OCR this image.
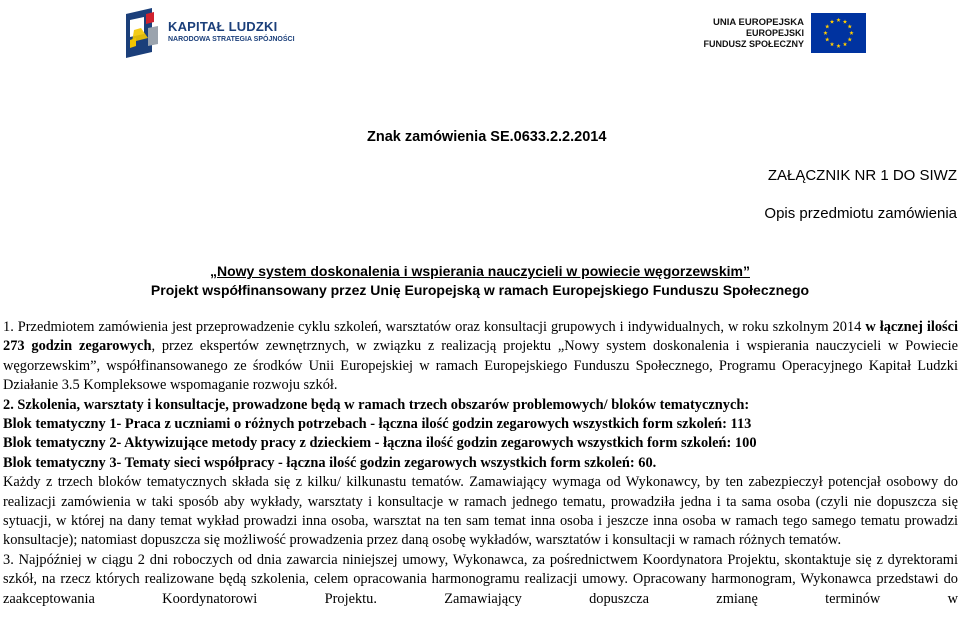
KAPITAŁ LUDZKI
NARODOWA STRATEGIA SPÓJNOŚCI
UNIA EUROPEJSKA
EUROPEJSKI
FUNDUSZ SPOŁECZNY
Znak zamówienia SE.0633.2.2.2014
ZAŁĄCZNIK NR 1 DO SIWZ
Opis przedmiotu zamówienia
„Nowy system doskonalenia i wspierania nauczycieli w powiecie węgorzewskim”
Projekt współfinansowany przez Unię Europejską w ramach Europejskiego Funduszu Społecznego

1. Przedmiotem zamówienia jest przeprowadzenie cyklu szkoleń, warsztatów oraz konsultacji grupowych i indywidualnych, w roku szkolnym 2014 w łącznej ilości 273 godzin zegarowych, przez ekspertów zewnętrznych, w związku z realizacją projektu „Nowy system doskonalenia i wspierania nauczycieli w Powiecie węgorzewskim”, współfinansowanego ze środków Unii Europejskiej w ramach Europejskiego Funduszu Społecznego, Programu Operacyjnego Kapitał Ludzki Działanie 3.5 Kompleksowe wspomaganie rozwoju szkół.

2. Szkolenia, warsztaty i konsultacje, prowadzone będą w ramach trzech obszarów problemowych/ bloków tematycznych:

Blok tematyczny 1- Praca z uczniami o różnych potrzebach - łączna ilość godzin zegarowych wszystkich form szkoleń: 113

Blok tematyczny 2- Aktywizujące metody pracy z dzieckiem - łączna ilość godzin zegarowych wszystkich form szkoleń: 100

Blok tematyczny 3- Tematy sieci współpracy - łączna ilość godzin zegarowych wszystkich form szkoleń: 60.

Każdy z trzech bloków tematycznych składa się z kilku/ kilkunastu tematów. Zamawiający wymaga od Wykonawcy, by ten zabezpieczył potencjał osobowy do realizacji zamówienia w taki sposób aby wykłady, warsztaty i konsultacje w ramach jednego tematu, prowadziła jedna i ta sama osoba (czyli nie dopuszcza się sytuacji, w której na dany temat wykład prowadzi inna osoba, warsztat na ten sam temat inna osoba i jeszcze inna osoba w ramach tego samego tematu prowadzi konsultacje); natomiast dopuszcza się możliwość prowadzenia przez daną osobę wykładów, warsztatów i konsultacji w ramach różnych tematów.

3. Najpóźniej w ciągu 2 dni roboczych od dnia zawarcia niniejszej umowy, Wykonawca, za pośrednictwem Koordynatora Projektu, skontaktuje się z dyrektorami szkół, na rzecz których realizowane będą szkolenia, celem opracowania harmonogramu realizacji umowy. Opracowany harmonogram, Wykonawca przedstawi do zaakceptowania Koordynatorowi Projektu. Zamawiający dopuszcza zmianę terminów w
